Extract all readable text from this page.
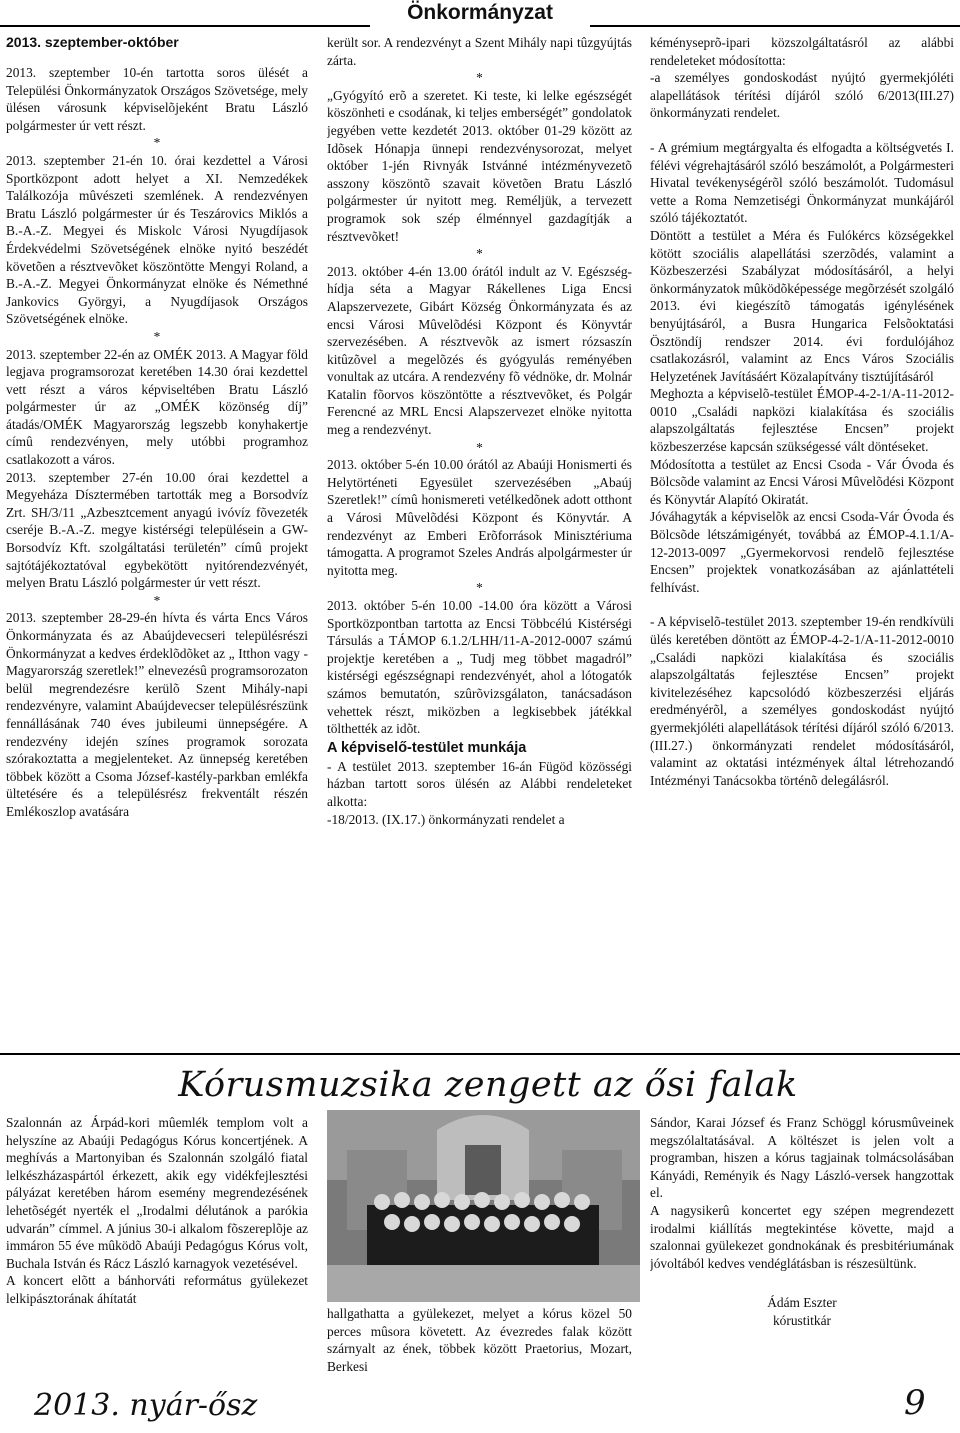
Önkormányzat
2013. szeptember-október

2013. szeptember 10-én tartotta soros ülését a Települési Önkormányzatok Országos Szövetsége, mely ülésen városunk képviselõjeként Bratu László polgármester úr vett részt.

*

2013. szeptember 21-én 10. órai kezdettel a Városi Sportközpont adott helyet a XI. Nemzedékek Találkozója mûvészeti szemlének. A rendezvényen Bratu László polgármester úr és Teszárovics Miklós a B.-A.-Z. Megyei és Miskolc Városi Nyugdíjasok Érdekvédelmi Szövetségének elnöke nyitó beszédét követõen a résztvevõket köszöntötte Mengyi Roland, a B.-A.-Z. Megyei Önkormányzat elnöke és Némethné Jankovics Györgyi, a Nyugdíjasok Országos Szövetségének elnöke.

*

2013. szeptember 22-én az OMÉK 2013. A Magyar föld legjava programsorozat keretében 14.30 órai kezdettel vett részt a város képviseltében Bratu László polgármester úr az „OMÉK közönség díj” átadás/OMÉK Magyarország legszebb konyhakertje címû rendezvényen, mely utóbbi programhoz csatlakozott a város.

2013. szeptember 27-én 10.00 órai kezdettel a Megyeháza Dísztermében tartották meg a Borsodvíz Zrt. SH/3/11 „Azbesztcement anyagú ivóvíz fõvezeték cseréje B.-A.-Z. megye kistérségi településein a GW-Borsodvíz Kft. szolgáltatási területén” címû projekt sajtótájékoztatóval egybekötött nyitórendezvényét, melyen Bratu László polgármester úr vett részt.

*

2013. szeptember 28-29-én hívta és várta Encs Város Önkormányzata és az Abaújdevecseri településrészi Önkormányzat a kedves érdeklõdõket az „ Itthon vagy - Magyarország szeretlek!” elnevezésû programsorozaton belül megrendezésre kerülõ Szent Mihály-napi rendezvényre, valamint Abaújdevecser településrészünk fennállásának 740 éves jubileumi ünnepségére. A rendezvény idején színes programok sorozata szórakoztatta a megjelenteket. Az ünnepség keretében többek között a Csoma József-kastély-parkban emlékfa ültetésére és a településrész frekventált részén Emlékoszlop avatására

került sor. A rendezvényt a Szent Mihály napi tûzgyújtás zárta.

*

„Gyógyító erõ a szeretet. Ki teste, ki lelke egészségét köszönheti e csodának, ki teljes emberségét” gondolatok jegyében vette kezdetét 2013. október 01-29 között az Idõsek Hónapja ünnepi rendezvénysorozat, melyet október 1-jén Rivnyák Istvánné intézményvezetõ asszony köszöntõ szavait követõen Bratu László polgármester úr nyitott meg. Reméljük, a tervezett programok sok szép élménnyel gazdagítják a résztvevõket!

*

2013. október 4-én 13.00 órától indult az V. Egészség-hídja séta a Magyar Rákellenes Liga Encsi Alapszervezete, Gibárt Község Önkormányzata és az encsi Városi Mûvelõdési Központ és Könyvtár szervezésében. A résztvevõk az ismert rózsaszín kitûzõvel a megelõzés és gyógyulás reményében vonultak az utcára. A rendezvény fõ védnöke, dr. Molnár Katalin fõorvos köszöntötte a résztvevõket, és Polgár Ferencné az MRL Encsi Alapszervezet elnöke nyitotta meg a rendezvényt.

*

2013. október 5-én 10.00 órától az Abaúji Honismerti és Helytörténeti Egyesület szervezésében „Abaúj Szeretlek!” címû honismereti vetélkedõnek adott otthont a Városi Mûvelõdési Központ és Könyvtár. A rendezvényt az Emberi Erõforrások Minisztériuma támogatta. A programot Szeles András alpolgármester úr nyitotta meg.

*

2013. október 5-én 10.00 -14.00 óra között a Városi Sportközpontban tartotta az Encsi Többcélú Kistérségi Társulás a TÁMOP 6.1.2/LHH/11-A-2012-0007 számú projektje keretében a „ Tudj meg többet magadról” kistérségi egészségnapi rendezvényét, ahol a lótogatók számos bemutatón, szûrõvizsgálaton, tanácsadáson vehettek részt, miközben a legkisebbek játékkal tölthették az idõt.

A képviselő-testület munkája

- A testület 2013. szeptember 16-án Fügöd közösségi házban tartott soros ülésén az Alábbi rendeleteket alkotta:

-18/2013. (IX.17.) önkormányzati rendelet a

kéményseprõ-ipari közszolgáltatásról az alábbi rendeleteket módosította:

-a személyes gondoskodást nyújtó gyermekjóléti alapellátások térítési díjáról szóló 6/2013(III.27) önkormányzati rendelet.

- A grémium megtárgyalta és elfogadta a költségvetés I. félévi végrehajtásáról szóló beszámolót, a Polgármesteri Hivatal tevékenységérõl szóló beszámolót. Tudomásul vette a Roma Nemzetiségi Önkormányzat munkájáról szóló tájékoztatót.

Döntött a testület a Méra és Fulókércs községekkel kötött szociális alapellátási szerzõdés, valamint a Közbeszerzési Szabályzat módosításáról, a helyi önkormányzatok mûködõképessége megõrzését szolgáló 2013. évi kiegészítõ támogatás igénylésének benyújtásáról, a Busra Hungarica Felsõoktatási Ösztöndíj rendszer 2014. évi fordulójához csatlakozásról, valamint az Encs Város Szociális Helyzetének Javításáért Közalapítvány tisztújításáról

Meghozta a képviselõ-testület ÉMOP-4-2-1/A-11-2012-0010 „Családi napközi kialakítása és szociális alapszolgáltatás fejlesztése Encsen” projekt közbeszerzése kapcsán szükségessé vált döntéseket.

Módosította a testület az Encsi Csoda - Vár Óvoda és Bölcsõde valamint az Encsi Városi Mûvelõdési Központ és Könyvtár Alapító Okiratát.

Jóváhagyták a képviselõk az encsi Csoda-Vár Óvoda és Bölcsõde létszámigényét, továbbá az ÉMOP-4.1.1/A-12-2013-0097 „Gyermekorvosi rendelõ fejlesztése Encsen” projektek vonatkozásában az ajánlattételi felhívást.

- A képviselõ-testület 2013. szeptember 19-én rendkívüli ülés keretében döntött az ÉMOP-4-2-1/A-11-2012-0010 „Családi napközi kialakítása és szociális alapszolgáltatás fejlesztése Encsen” projekt kivitelezéséhez kapcsolódó közbeszerzési eljárás eredményérõl, a személyes gondoskodást nyújtó gyermekjóléti alapellátások térítési díjáról szóló 6/2013. (III.27.) önkormányzati rendelet módosításáról, valamint az oktatási intézmények által létrehozandó Intézményi Tanácsokba történõ delegálásról.

Kórusmuzsika zengett az ősi falak

Szalonnán az Árpád-kori mûemlék templom volt a helyszíne az Abaúji Pedagógus Kórus koncertjének. A meghívás a Martonyiban és Szalonnán szolgáló fiatal lelkészházaspártól érkezett, akik egy vidékfejlesztési pályázat keretében három esemény megrendezésének lehetõségét nyerték el „Irodalmi délutánok a parókia udvarán” címmel. A június 30-i alkalom fõszereplõje az immáron 55 éve mûködõ Abaúji Pedagógus Kórus volt, Buchala István és Rácz László karnagyok vezetésével.

A koncert elõtt a bánhorváti református gyülekezet lelkipásztorának áhítatát

hallgathatta a gyülekezet, melyet a kórus közel 50 perces mûsora követett. Az évezredes falak között szárnyalt az ének, többek között Praetorius, Mozart, Berkesi

Sándor, Karai József és Franz Schöggl kórusmûveinek megszólaltatásával. A költészet is jelen volt a programban, hiszen a kórus tagjainak tolmácsolásában Kányádi, Reményik és Nagy László-versek hangzottak el.

A nagysikerû koncertet egy szépen megrendezett irodalmi kiállítás megtekintése követte, majd a szalonnai gyülekezet gondnokának és presbitériumának jóvoltából kedves vendéglátásban is részesültünk.

Ádám Eszter
kórustitkár
2013. nyár-ősz	9
